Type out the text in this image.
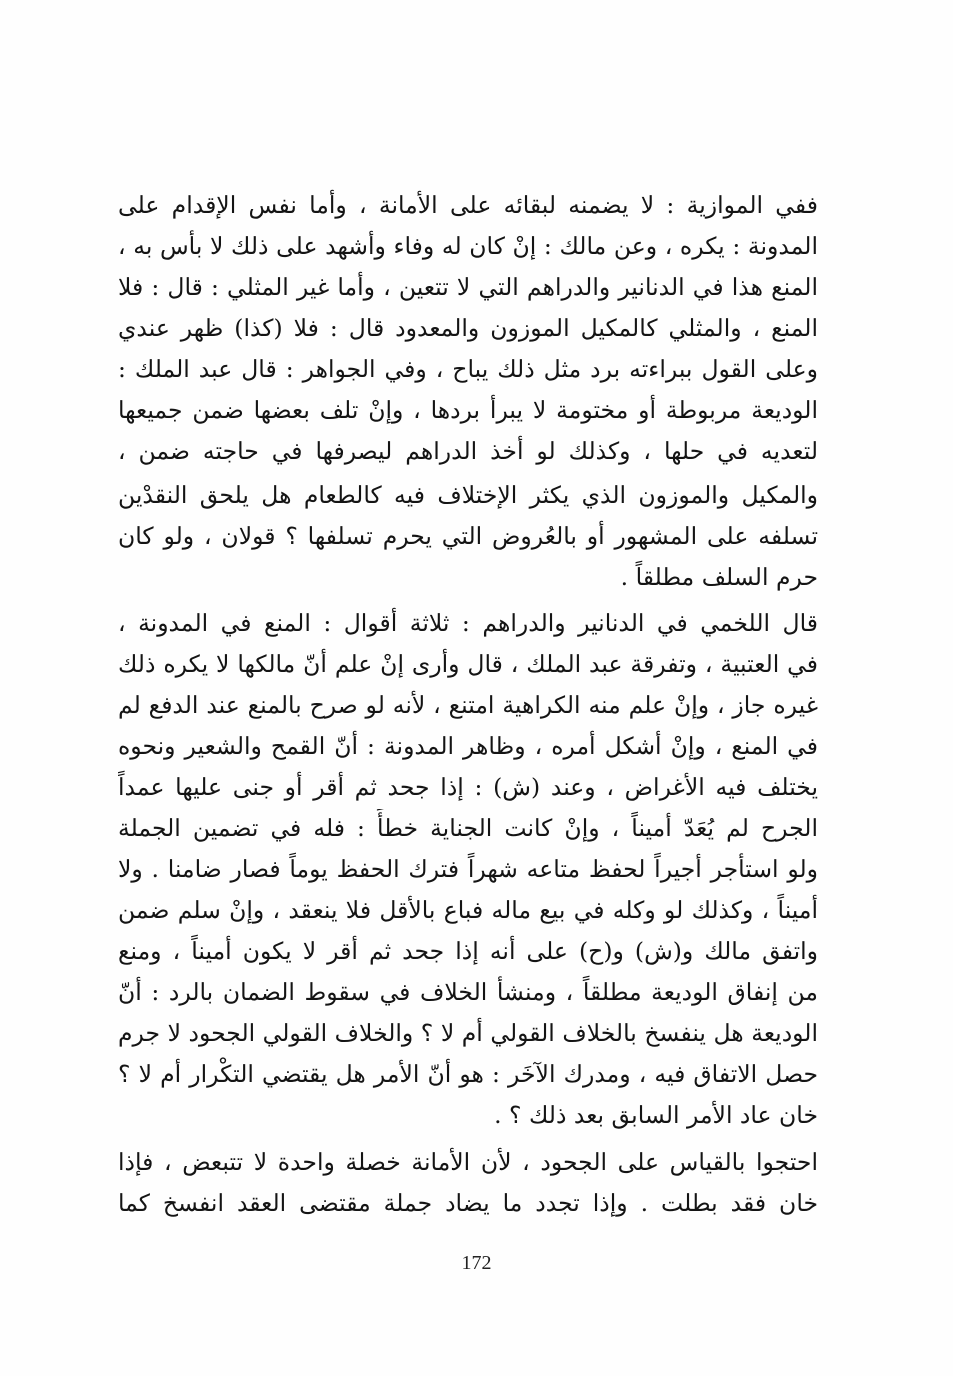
ففي الموازية : لا يضمنه لبقائه على الأمانة ، وأما نفس الإقدام على
المدونة : يكره ، وعن مالك : إنْ كان له وفاء وأشهد على ذلك لا بأس به ،
المنع هذا في الدنانير والدراهم التي لا تتعين ، وأما غير المثلي : قال : فلا
المنع ، والمثلي كالمكيل الموزون والمعدود قال : فلا (كذا) ظهر عندي
وعلى القول ببراءته برد مثل ذلك يباح ، وفي الجواهر : قال عبد الملك :
الوديعة مربوطة أو مختومة لا يبرأ بردها ، وإنْ تلف بعضها ضمن جميعها
لتعديه في حلها ، وكذلك لو أخذ الدراهم ليصرفها في حاجته ضمن ،
والمكيل والموزون الذي يكثر الإختلاف فيه كالطعام هل يلحق النقدْين
تسلفه على المشهور أو بالعُروض التي يحرم تسلفها ؟ قولان ، ولو كان
حرم السلف مطلقاً .
قال اللخمي في الدنانير والدراهم : ثلاثة أقوال : المنع في المدونة ،
في العتبية ، وتفرقة عبد الملك ، قال وأرى إنْ علم أنّ مالكها لا يكره ذلك
غيره جاز ، وإنْ علم منه الكراهية امتنع ، لأنه لو صرح بالمنع عند الدفع لم
في المنع ، وإنْ أشكل أمره ، وظاهر المدونة : أنّ القمح والشعير ونحوه
يختلف فيه الأغراض ، وعند (ش) : إذا جحد ثم أقر أو جنى عليها عمداً
الجرح لم يُعَدّ أميناً ، وإنْ كانت الجناية خطأً : فله في تضمين الجملة
ولو استأجر أجيراً لحفظ متاعه شهراً فترك الحفظ يوماً فصار ضامنا . ولا
أميناً ، وكذلك لو وكله في بيع ماله فباع بالأقل فلا ينعقد ، وإنْ سلم ضمن
واتفق مالك و(ش) و(ح) على أنه إذا جحد ثم أقر لا يكون أميناً ، ومنع
من إنفاق الوديعة مطلقاً ، ومنشأ الخلاف في سقوط الضمان بالرد : أنّ
الوديعة هل ينفسخ بالخلاف القولي أم لا ؟ والخلاف القولي الجحود لا جرم
حصل الاتفاق فيه ، ومدرك الآخَر : هو أنّ الأمر هل يقتضي التكْرار أم لا ؟
خان عاد الأمر السابق بعد ذلك ؟ .
احتجوا بالقياس على الجحود ، لأن الأمانة خصلة واحدة لا تتبعض ، فإذا
خان فقد بطلت . وإذا تجدد ما يضاد جملة مقتضى العقد انفسخ كما
172
